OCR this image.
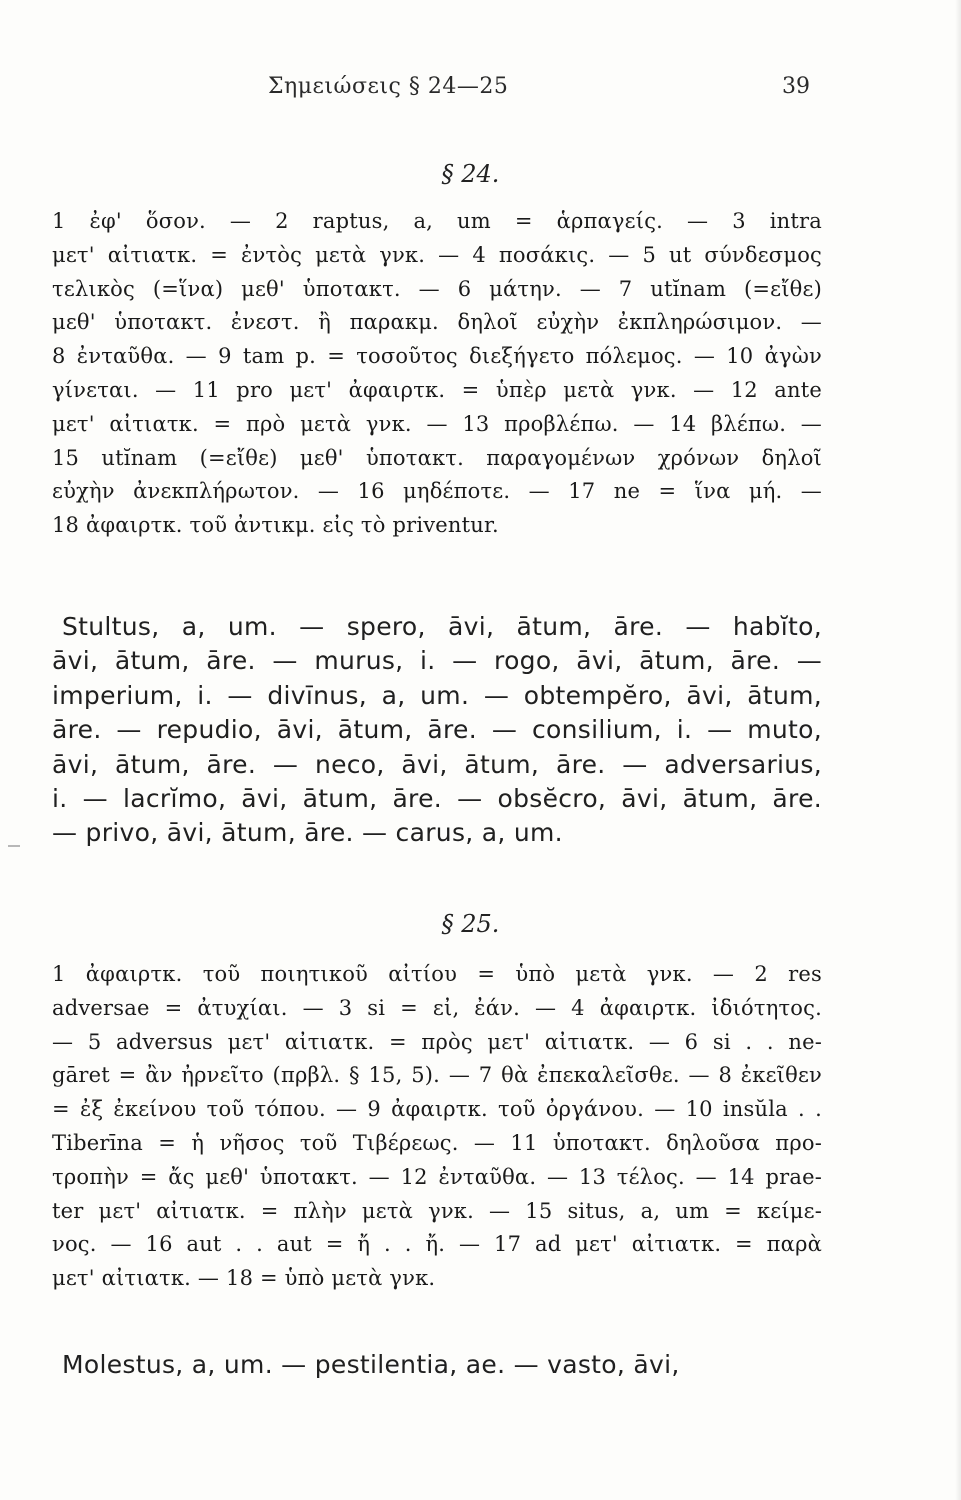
Σημειώσεις § 24—25	39
§ 24.
1 ἐφ' ὅσον. — 2 raptus, a, um = ἁρπαγείς. — 3 intra
μετ' αἰτιατκ. = ἐντὸς μετὰ γνκ. — 4 ποσάκις. — 5 ut σύνδεσμος
τελικὸς (=ἵνα) μεθ' ὑποτακτ. — 6 μάτην. — 7 utĭnam (=εἴθε)
μεθ' ὑποτακτ. ἐνεστ. ἢ παρακμ. δηλοῖ εὐχὴν ἐκπληρώσιμον. —
8 ἐνταῦθα. — 9 tam p. = τοσοῦτος διεξήγετο πόλεμος. — 10 ἀγὼν
γίνεται. — 11 pro μετ' ἀφαιρτκ. = ὑπὲρ μετὰ γνκ. — 12 ante
μετ' αἰτιατκ. = πρὸ μετὰ γνκ. — 13 προβλέπω. — 14 βλέπω. —
15 utĭnam (=εἴθε) μεθ' ὑποτακτ. παραγομένων χρόνων δηλοῖ
εὐχὴν ἀνεκπλήρωτον. — 16 μηδέποτε. — 17 ne = ἵνα μή. —
18 ἀφαιρτκ. τοῦ ἀντικμ. εἰς τὸ priventur.
Stultus, a, um. — spero, āvi, ātum, āre. — habĭto,
āvi, ātum, āre. — murus, i. — rogo, āvi, ātum, āre. —
imperium, i. — divīnus, a, um. — obtempĕro, āvi, ātum,
āre. — repudio, āvi, ātum, āre. — consilium, i. — muto,
āvi, ātum, āre. — neco, āvi, ātum, āre. — adversarius,
i. — lacrĭmo, āvi, ātum, āre. — obsĕcro, āvi, ātum, āre.
— privo, āvi, ātum, āre. — carus, a, um.
§ 25.
1 ἀφαιρτκ. τοῦ ποιητικοῦ αἰτίου = ὑπὸ μετὰ γνκ. — 2 res
adversae = ἀτυχίαι. — 3 si = εἰ, ἐάν. — 4 ἀφαιρτκ. ἰδιότητος.
— 5 adversus μετ' αἰτιατκ. = πρὸς μετ' αἰτιατκ. — 6 si . . ne-
gāret = ἂν ἠρνεῖτο (πρβλ. § 15, 5). — 7 θὰ ἐπεκαλεῖσθε. — 8 ἐκεῖθεν
= ἐξ ἐκείνου τοῦ τόπου. — 9 ἀφαιρτκ. τοῦ ὀργάνου. — 10 insŭla . .
Tiberīna = ἡ νῆσος τοῦ Τιβέρεως. — 11 ὑποτακτ. δηλοῦσα προ-
τροπὴν = ἄς μεθ' ὑποτακτ. — 12 ἐνταῦθα. — 13 τέλος. — 14 prae-
ter μετ' αἰτιατκ. = πλὴν μετὰ γνκ. — 15 situs, a, um = κείμε-
νος. — 16 aut . . aut = ἤ . . ἤ. — 17 ad μετ' αἰτιατκ. = παρὰ
μετ' αἰτιατκ. — 18 = ὑπὸ μετὰ γνκ.
Molestus, a, um. — pestilentia, ae. — vasto, āvi,
